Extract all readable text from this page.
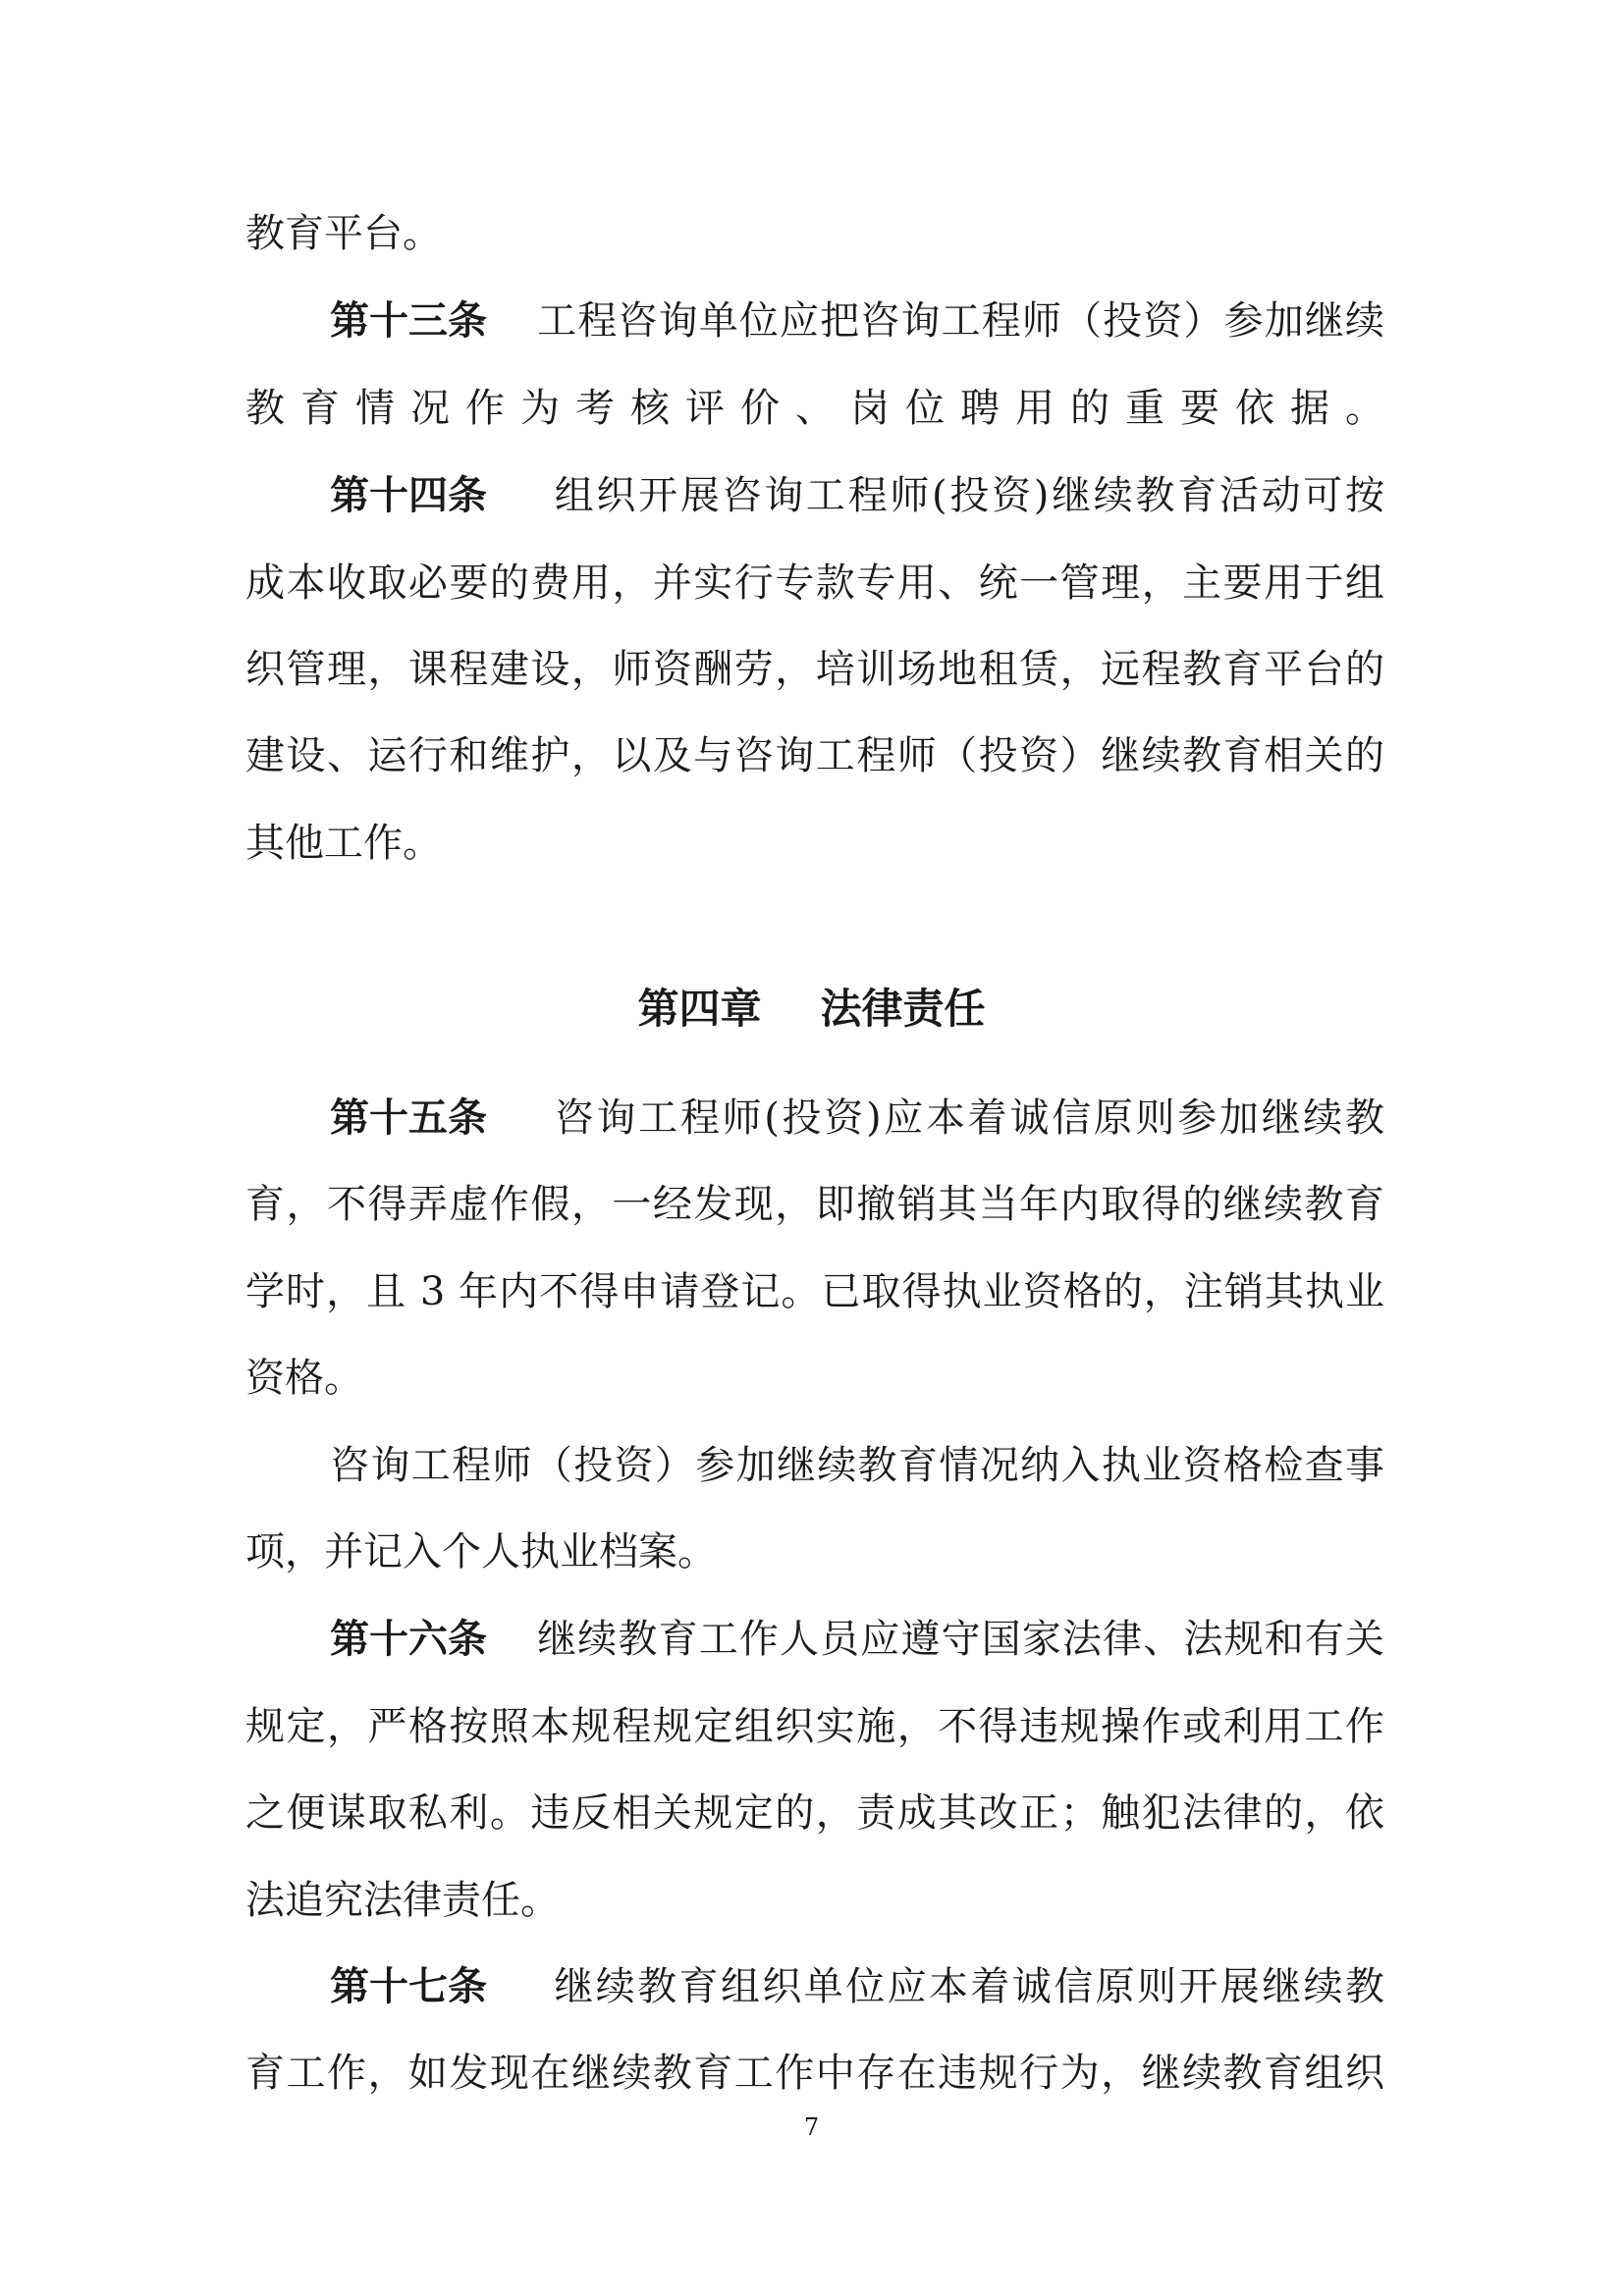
教育平台。
第十三条 工程咨询单位应把咨询工程师（投资）参加继续
教育情况作为考核评价、岗位聘用的重要依据。
第十四条 组织开展咨询工程师(投资)继续教育活动可按
成本收取必要的费用，并实行专款专用、统一管理，主要用于组
织管理，课程建设，师资酬劳，培训场地租赁，远程教育平台的
建设、运行和维护，以及与咨询工程师（投资）继续教育相关的
其他工作。
第四章 法律责任
第十五条 咨询工程师(投资)应本着诚信原则参加继续教
育，不得弄虚作假，一经发现，即撤销其当年内取得的继续教育
学时，且 3 年内不得申请登记。已取得执业资格的，注销其执业
资格。
咨询工程师（投资）参加继续教育情况纳入执业资格检查事
项，并记入个人执业档案。
第十六条 继续教育工作人员应遵守国家法律、法规和有关
规定，严格按照本规程规定组织实施，不得违规操作或利用工作
之便谋取私利。违反相关规定的，责成其改正；触犯法律的，依
法追究法律责任。
第十七条 继续教育组织单位应本着诚信原则开展继续教
育工作，如发现在继续教育工作中存在违规行为，继续教育组织
7
